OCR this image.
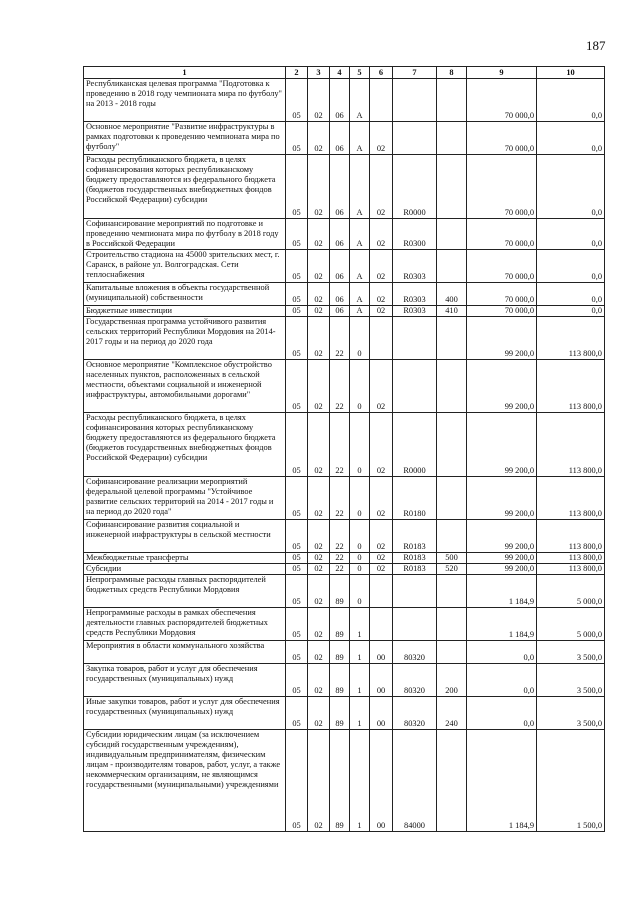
187
1	2	3	4	5	6	7	8	9	10
Республиканская целевая программа "Подготовка к проведению в 2018 году чемпионата мира по футболу" на 2013 - 2018 годы	05	02	06	А				70 000,0	0,0
Основное мероприятие "Развитие инфраструктуры в рамках подготовки к проведению чемпионата мира по футболу"	05	02	06	А	02			70 000,0	0,0
Расходы республиканского бюджета, в целях софинансирования которых республиканскому бюджету предоставляются из федерального бюджета (бюджетов государственных внебюджетных фондов Российской Федерации) субсидии	05	02	06	А	02	R0000		70 000,0	0,0
Софинансирование мероприятий по подготовке и проведению чемпионата мира по футболу в 2018 году в Российской Федерации	05	02	06	А	02	R0300		70 000,0	0,0
Строительство стадиона на 45000 зрительских мест, г. Саранск, в районе ул. Волгоградская. Сети теплоснабжения	05	02	06	А	02	R0303		70 000,0	0,0
Капитальные вложения в объекты государственной (муниципальной) собственности	05	02	06	А	02	R0303	400	70 000,0	0,0
Бюджетные инвестиции	05	02	06	А	02	R0303	410	70 000,0	0,0
Государственная программа устойчивого развития сельских территорий Республики Мордовия на 2014-2017 годы и на период до 2020 года	05	02	22	0				99 200,0	113 800,0
Основное мероприятие "Комплексное обустройство населенных пунктов, расположенных в сельской местности, объектами социальной и инженерной инфраструктуры, автомобильными дорогами"	05	02	22	0	02			99 200,0	113 800,0
Расходы республиканского бюджета, в целях софинансирования которых республиканскому бюджету предоставляются из федерального бюджета (бюджетов государственных внебюджетных фондов Российской Федерации) субсидии	05	02	22	0	02	R0000		99 200,0	113 800,0
Софинансирование реализации мероприятий федеральной целевой программы "Устойчивое развитие сельских территорий на 2014 - 2017 годы и на период до 2020 года"	05	02	22	0	02	R0180		99 200,0	113 800,0
Софинансирование развития социальной и инженерной инфраструктуры в сельской местности	05	02	22	0	02	R0183		99 200,0	113 800,0
Межбюджетные трансферты	05	02	22	0	02	R0183	500	99 200,0	113 800,0
Субсидии	05	02	22	0	02	R0183	520	99 200,0	113 800,0
Непрограммные расходы главных распорядителей бюджетных средств Республики Мордовия	05	02	89	0				1 184,9	5 000,0
Непрограммные расходы в рамках обеспечения деятельности главных распорядителей бюджетных средств Республики Мордовия	05	02	89	1				1 184,9	5 000,0
Мероприятия в области коммунального хозяйства	05	02	89	1	00	80320		0,0	3 500,0
Закупка товаров, работ и услуг для обеспечения государственных (муниципальных) нужд	05	02	89	1	00	80320	200	0,0	3 500,0
Иные закупки товаров, работ и услуг для обеспечения государственных (муниципальных) нужд	05	02	89	1	00	80320	240	0,0	3 500,0
Субсидии юридическим лицам (за исключением субсидий государственным учреждениям), индивидуальным предпринимателям, физическим лицам - производителям товаров, работ, услуг, а также некоммерческим организациям, не являющимся государственными (муниципальными) учреждениями	05	02	89	1	00	84000		1 184,9	1 500,0
